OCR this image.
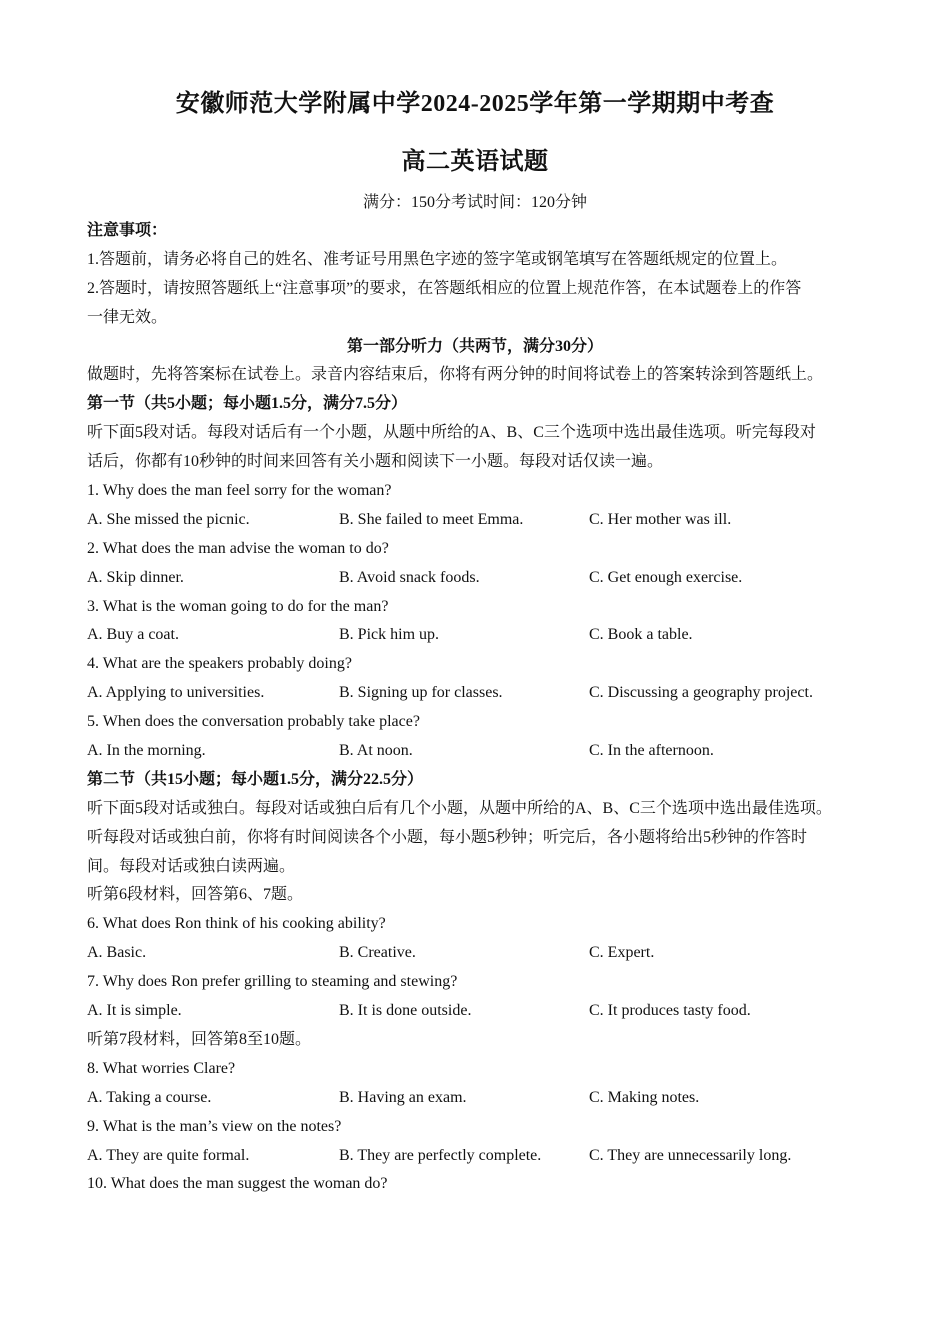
安徽师范大学附属中学2024-2025学年第一学期期中考查
高二英语试题
满分：150分考试时间：120分钟
注意事项：
1.答题前，请务必将自己的姓名、准考证号用黑色字迹的签字笔或钢笔填写在答题纸规定的位置上。
2.答题时，请按照答题纸上“注意事项”的要求，在答题纸相应的位置上规范作答，在本试题卷上的作答
一律无效。
第一部分听力（共两节，满分30分）
做题时，先将答案标在试卷上。录音内容结束后，你将有两分钟的时间将试卷上的答案转涂到答题纸上。
第一节（共5小题；每小题1.5分，满分7.5分）
听下面5段对话。每段对话后有一个小题，从题中所给的A、B、C三个选项中选出最佳选项。听完每段对
话后，你都有10秒钟的时间来回答有关小题和阅读下一小题。每段对话仅读一遍。
1. Why does the man feel sorry for the woman?
A. She missed the picnic.	B. She failed to meet Emma.	C. Her mother was ill.
2. What does the man advise the woman to do?
A. Skip dinner.	B. Avoid snack foods.	C. Get enough exercise.
3. What is the woman going to do for the man?
A. Buy a coat.	B. Pick him up.	C. Book a table.
4. What are the speakers probably doing?
A. Applying to universities.	B. Signing up for classes.	C. Discussing a geography project.
5. When does the conversation probably take place?
A. In the morning.	B. At noon.	C. In the afternoon.
第二节（共15小题；每小题1.5分，满分22.5分）
听下面5段对话或独白。每段对话或独白后有几个小题，从题中所给的A、B、C三个选项中选出最佳选项。
听每段对话或独白前，你将有时间阅读各个小题，每小题5秒钟；听完后，各小题将给出5秒钟的作答时
间。每段对话或独白读两遍。
听第6段材料，回答第6、7题。
6. What does Ron think of his cooking ability?
A. Basic.	B. Creative.	C. Expert.
7. Why does Ron prefer grilling to steaming and stewing?
A. It is simple.	B. It is done outside.	C. It produces tasty food.
听第7段材料，回答第8至10题。
8. What worries Clare?
A. Taking a course.	B. Having an exam.	C. Making notes.
9. What is the man’s view on the notes?
A. They are quite formal.	B. They are perfectly complete.	C. They are unnecessarily long.
10. What does the man suggest the woman do?
